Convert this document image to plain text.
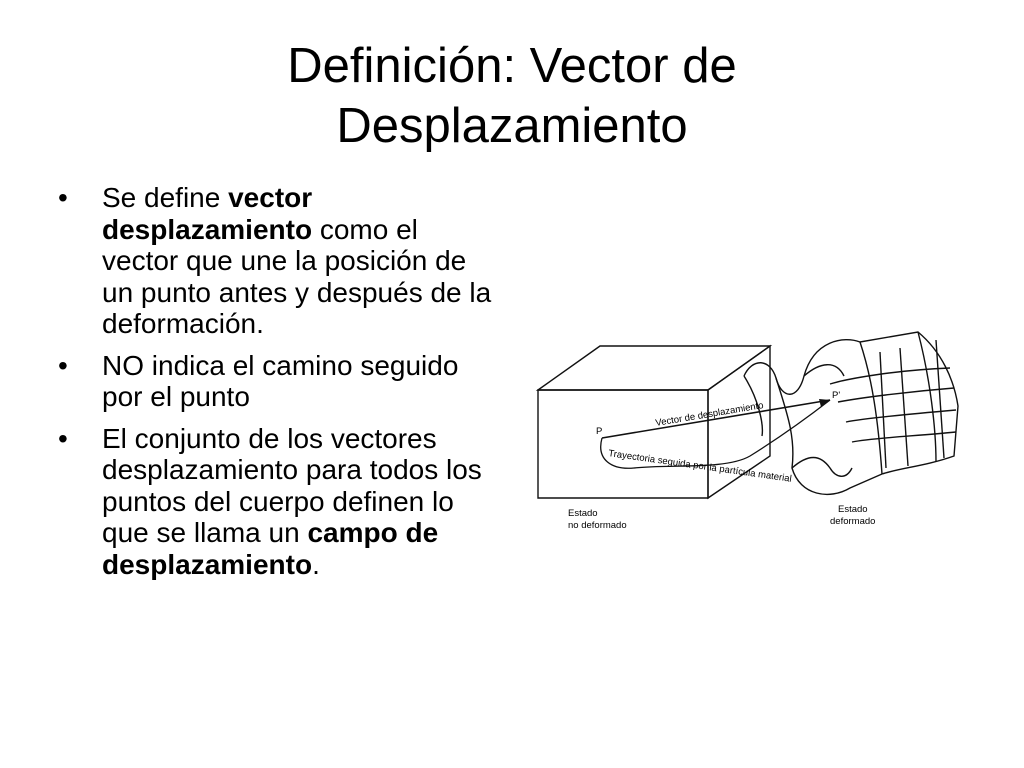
Definición: Vector de
Desplazamiento
• Se define vector desplazamiento como el vector que une la posición de un punto antes y después de la deformación.
• NO indica el camino seguido por el punto
• El conjunto de los vectores desplazamiento para todos los puntos del cuerpo definen lo que se llama un campo de desplazamiento.
P
P'
Vector de desplazamiento
Trayectoria seguida por la partícula material
Estado
no deformado
Estado
deformado
